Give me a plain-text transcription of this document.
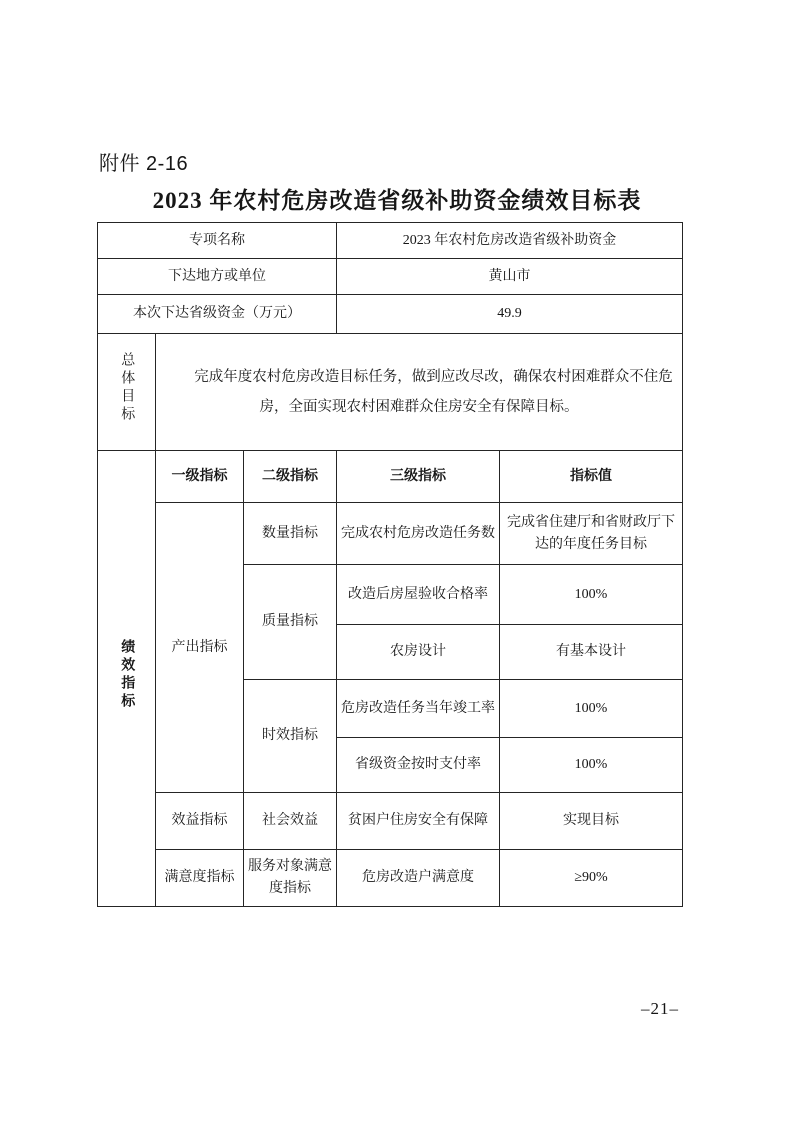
附件 2-16
2023 年农村危房改造省级补助资金绩效目标表
专项名称			2023 年农村危房改造省级补助资金	
下达地方或单位			黄山市	
本次下达省级资金（万元）			49.9	
总体目标	完成年度农村危房改造目标任务，做到应改尽改，确保农村困难群众不住危房，全面实现农村困难群众住房安全有保障目标。			

绩效指标	一级指标	二级指标	三级指标	指标值
	产出指标	数量指标	完成农村危房改造任务数	完成省住建厅和省财政厅下达的年度任务目标
		质量指标	改造后房屋验收合格率	100%
			农房设计	有基本设计
		时效指标	危房改造任务当年竣工率	100%
			省级资金按时支付率	100%
	效益指标	社会效益	贫困户住房安全有保障	实现目标
	满意度指标	服务对象满意度指标	危房改造户满意度	≥90%
–21–
